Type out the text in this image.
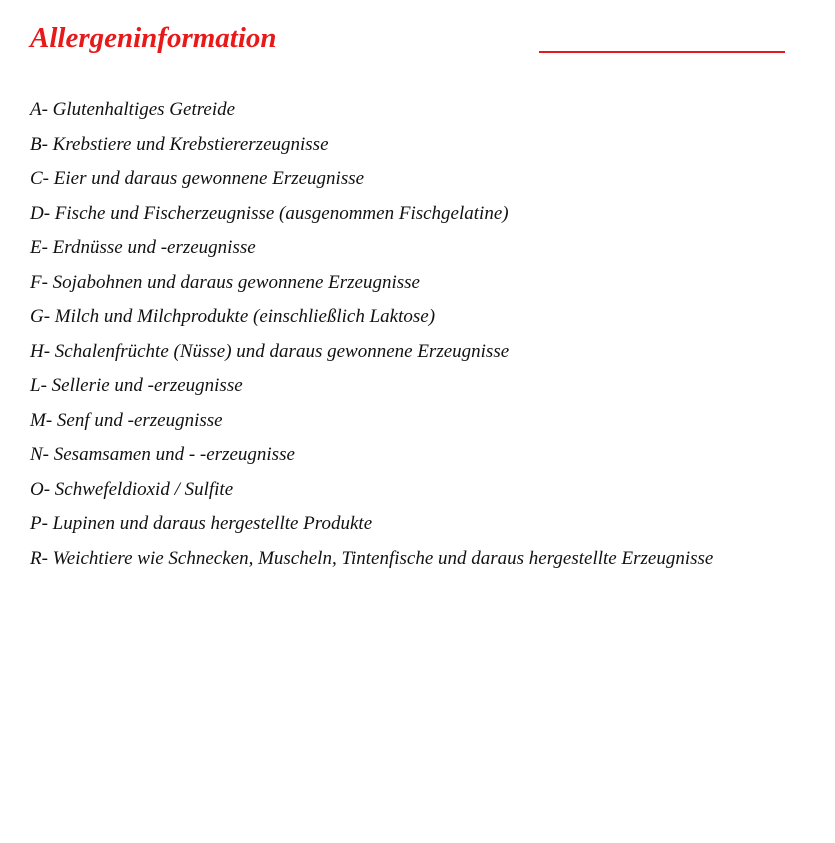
Allergeninformation
A- Glutenhaltiges Getreide
B- Krebstiere und Krebstiererzeugnisse
C- Eier und daraus gewonnene Erzeugnisse
D- Fische und Fischerzeugnisse (ausgenommen Fischgelatine)
E- Erdnüsse und -erzeugnisse
F- Sojabohnen und daraus gewonnene Erzeugnisse
G- Milch und Milchprodukte (einschließlich Laktose)
H- Schalenfrüchte (Nüsse) und daraus gewonnene Erzeugnisse
L- Sellerie und -erzeugnisse
M- Senf und -erzeugnisse
N- Sesamsamen und - -erzeugnisse
O- Schwefeldioxid / Sulfite
P- Lupinen und daraus hergestellte Produkte
R- Weichtiere wie Schnecken, Muscheln, Tintenfische und daraus hergestellte Erzeugnisse
